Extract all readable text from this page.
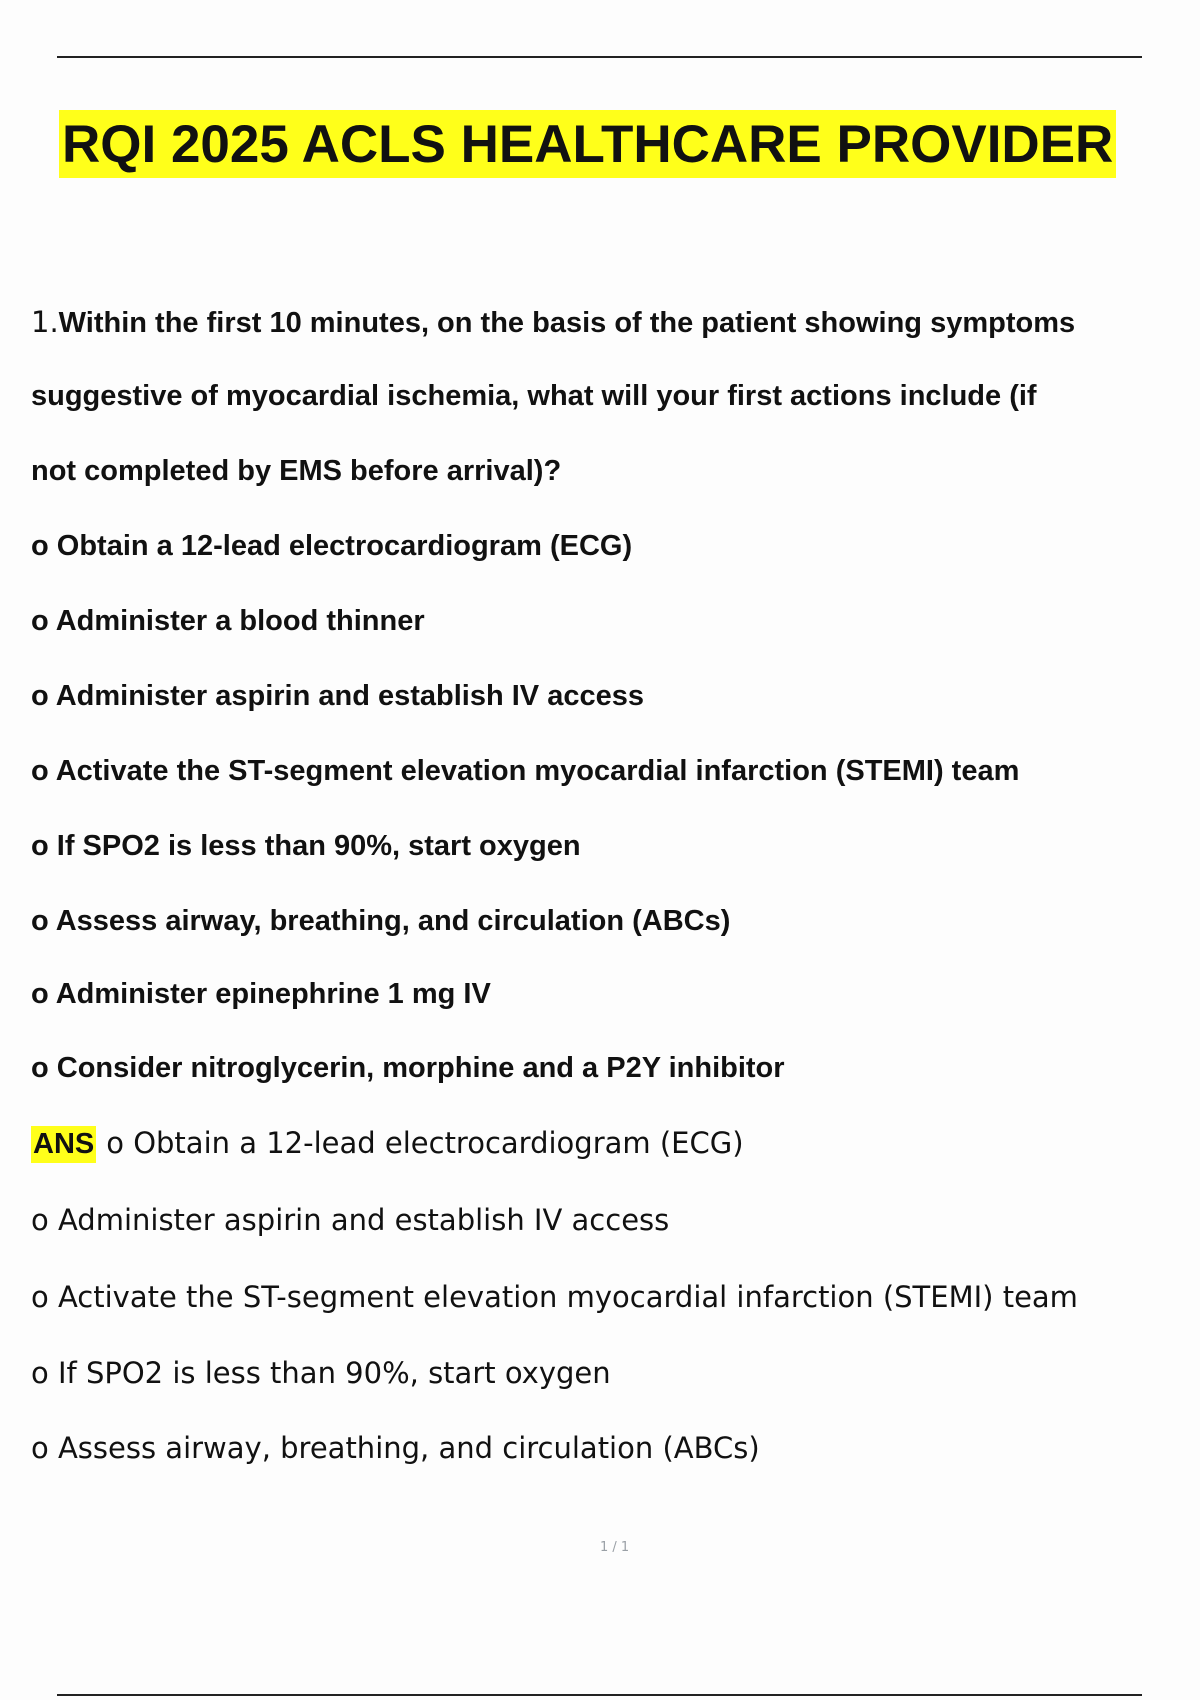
RQI 2025 ACLS HEALTHCARE PROVIDER
1.Within the first 10 minutes, on the basis of the patient showing symptoms
suggestive of myocardial ischemia, what will your first actions include (if
not completed by EMS before arrival)?
o Obtain a 12-lead electrocardiogram (ECG)
o Administer a blood thinner
o Administer aspirin and establish IV access
o Activate the ST-segment elevation myocardial infarction (STEMI) team
o If SPO2 is less than 90%, start oxygen
o Assess airway, breathing, and circulation (ABCs)
o Administer epinephrine 1 mg IV
o Consider nitroglycerin, morphine and a P2Y inhibitor
ANS o Obtain a 12-lead electrocardiogram (ECG)
o Administer aspirin and establish IV access
o Activate the ST-segment elevation myocardial infarction (STEMI) team
o If SPO2 is less than 90%, start oxygen
o Assess airway, breathing, and circulation (ABCs)
1 / 1
